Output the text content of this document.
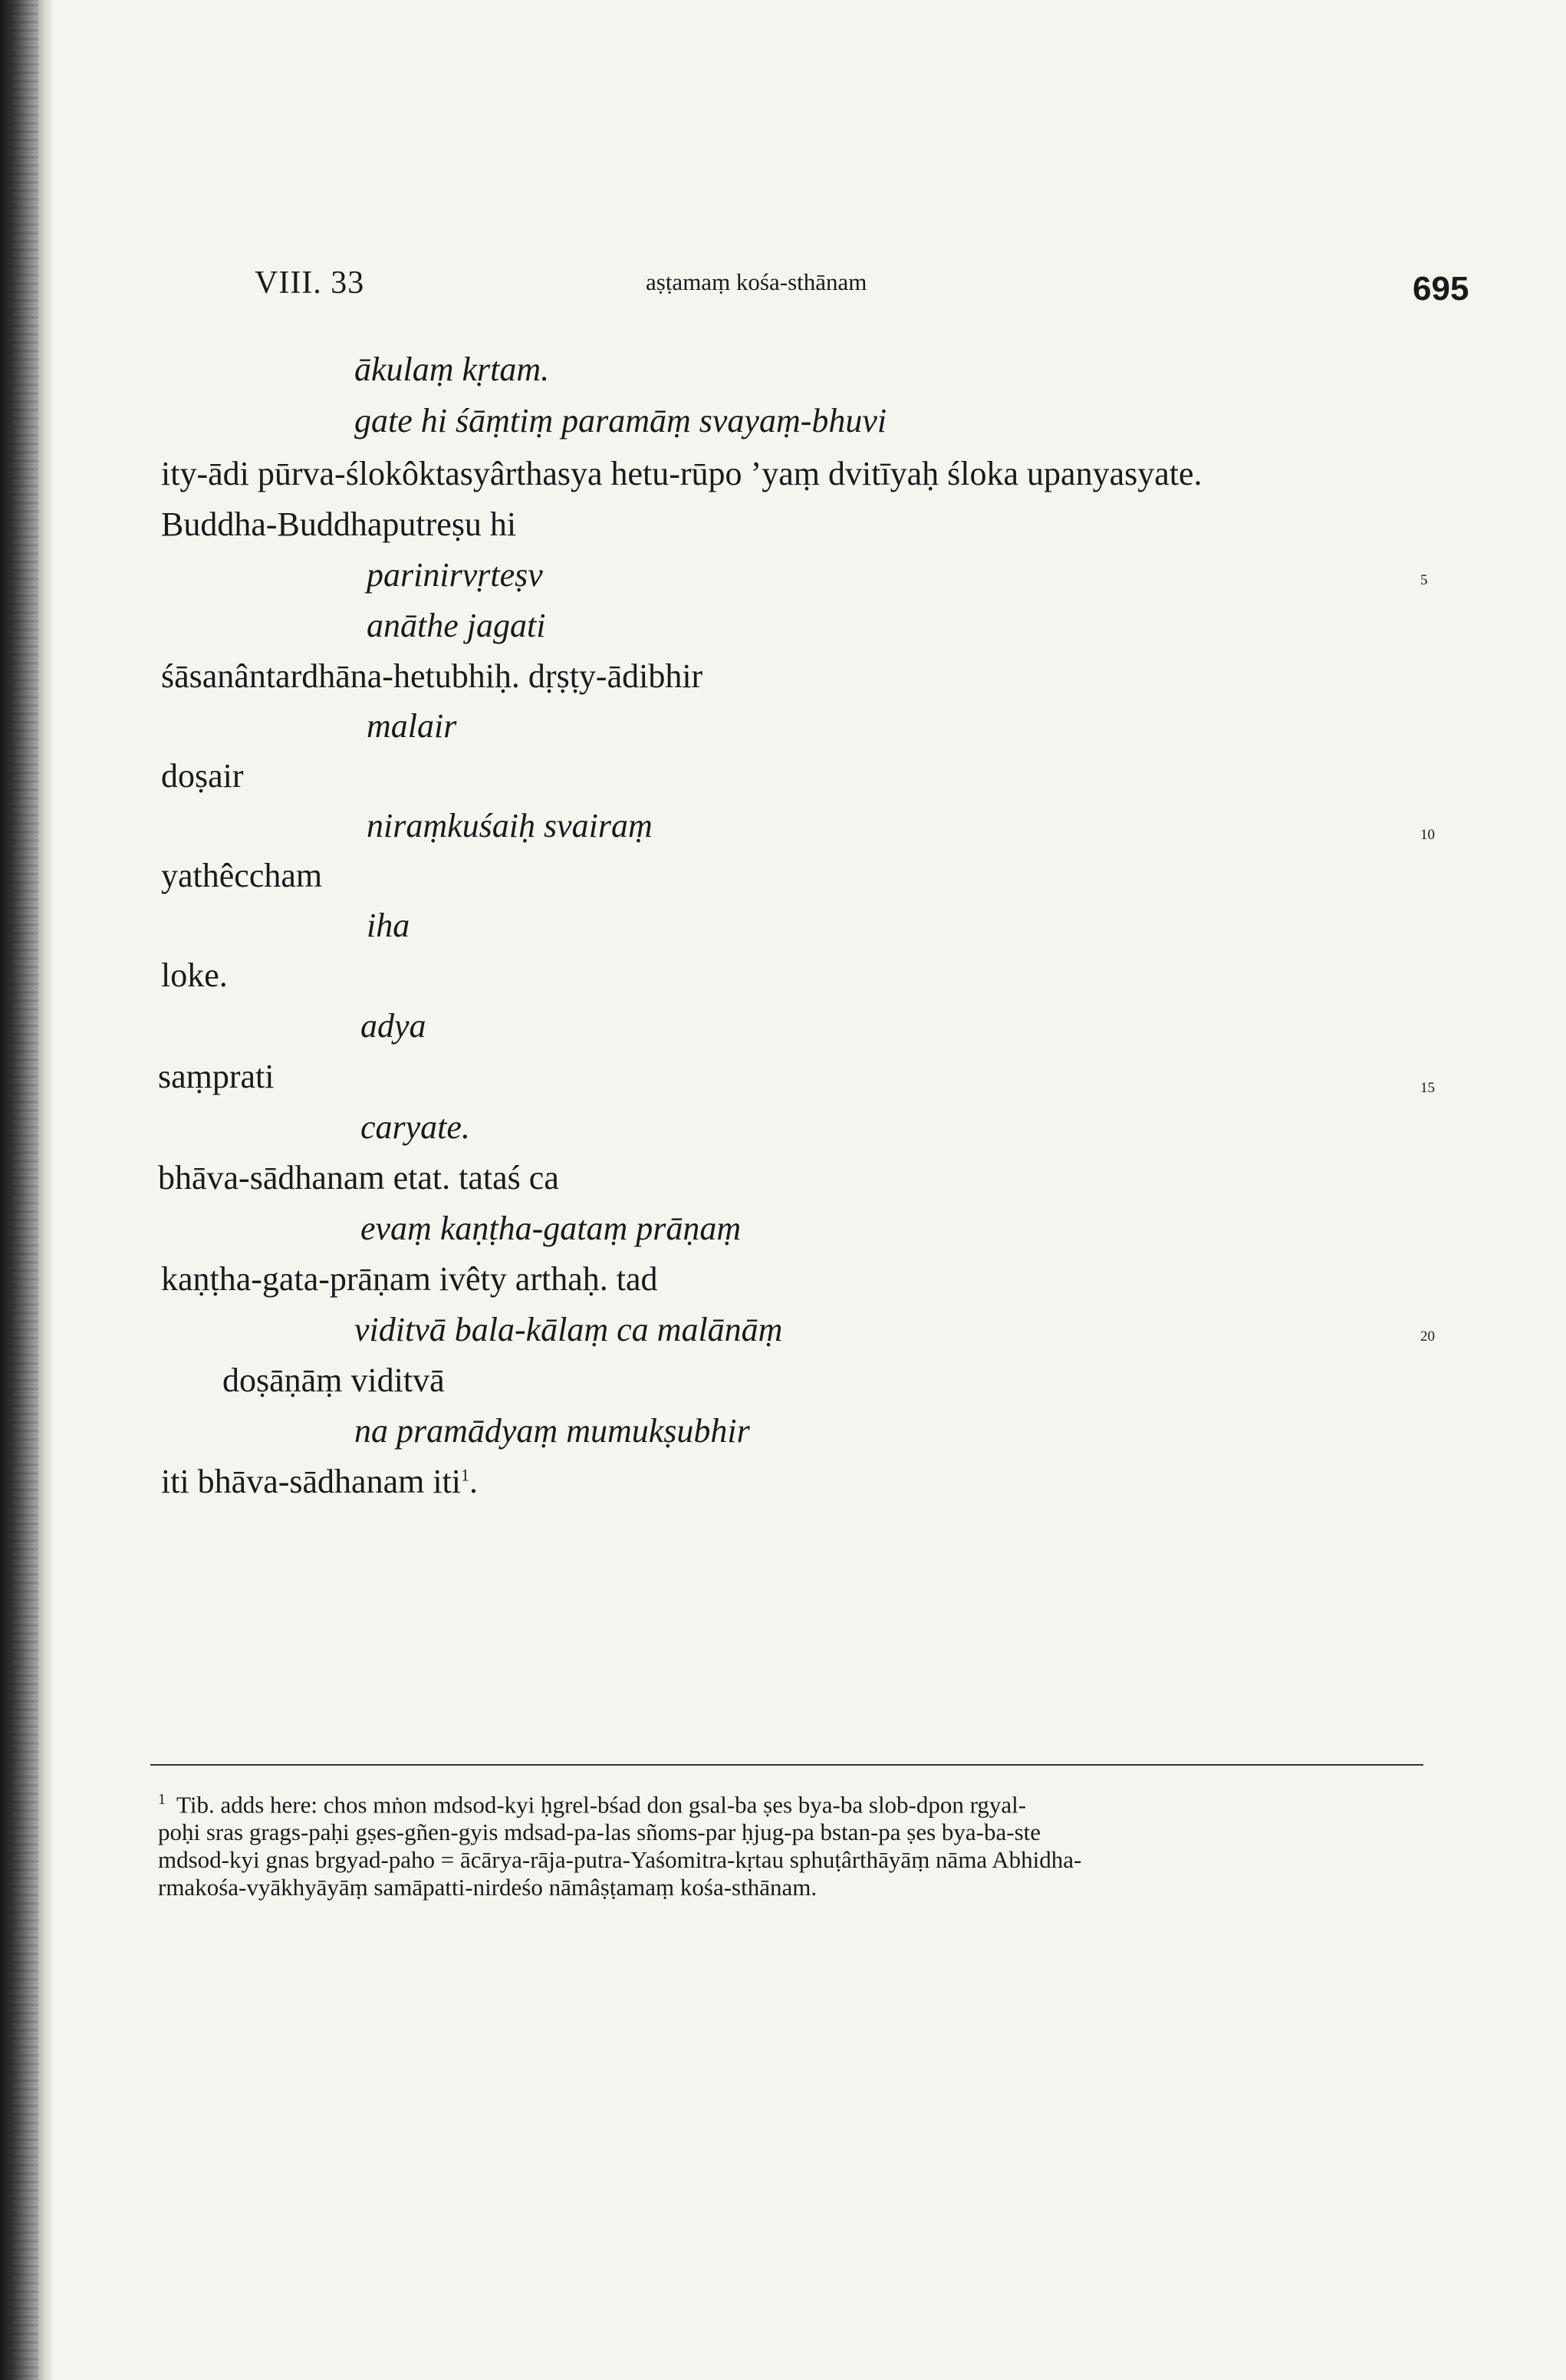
VIII. 33	aṣṭamaṃ kośa-sthānam	695
ākulaṃ kṛtam.
gate hi śāṃtiṃ paramāṃ svayaṃ-bhuvi
ity-ādi pūrva-ślokôktasyârthasya hetu-rūpo ’yaṃ dvitīyaḥ śloka upanyasyate.
Buddha-Buddhaputreṣu hi
parinirvṛteṣv
anāthe jagati
śāsanântardhāna-hetubhiḥ. dṛṣṭy-ādibhir
malair
doṣair
niraṃkuśaiḥ svairaṃ
yathêccham
iha
loke.
adya
saṃprati
caryate.
bhāva-sādhanam etat. tataś ca
evaṃ kaṇṭha-gataṃ prāṇaṃ
kaṇṭha-gata-prāṇam ivêty arthaḥ. tad
viditvā bala-kālaṃ ca malānāṃ
doṣāṇāṃ viditvā
na pramādyaṃ mumukṣubhir
iti bhāva-sādhanam iti$^1$.
5
10
15
20
$^1$ Tib. adds here: chos mṅon mdsod-kyi ḥgrel-bśad don gsal-ba ṣes bya-ba slob-dpon rgyal-
poḥi sras grags-paḥi gṣes-gñen-gyis mdsad-pa-las sñoms-par ḥjug-pa bstan-pa ṣes bya-ba-ste
mdsod-kyi gnas brgyad-paho = ācārya-rāja-putra-Yaśomitra-kṛtau sphuṭârthāyāṃ nāma Abhidha-
rmakośa-vyākhyāyāṃ samāpatti-nirdeśo nāmâṣṭamaṃ kośa-sthānam.
